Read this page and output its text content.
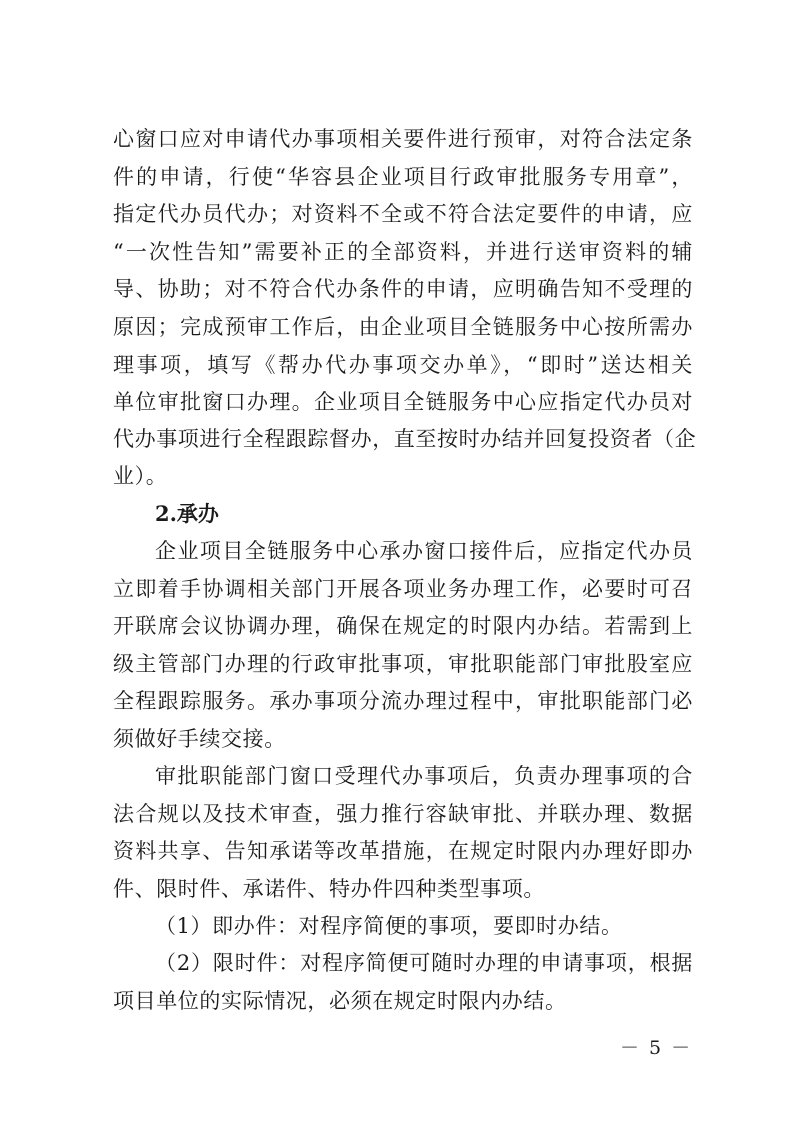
心窗口应对申请代办事项相关要件进行预审，对符合法定条
件的申请，行使“华容县企业项目行政审批服务专用章”，
指定代办员代办；对资料不全或不符合法定要件的申请，应
“一次性告知”需要补正的全部资料，并进行送审资料的辅
导、协助；对不符合代办条件的申请，应明确告知不受理的
原因；完成预审工作后，由企业项目全链服务中心按所需办
理事项，填写《帮办代办事项交办单》，“即时”送达相关
单位审批窗口办理。企业项目全链服务中心应指定代办员对
代办事项进行全程跟踪督办，直至按时办结并回复投资者（企
业）。
2.承办
企业项目全链服务中心承办窗口接件后，应指定代办员
立即着手协调相关部门开展各项业务办理工作，必要时可召
开联席会议协调办理，确保在规定的时限内办结。若需到上
级主管部门办理的行政审批事项，审批职能部门审批股室应
全程跟踪服务。承办事项分流办理过程中，审批职能部门必
须做好手续交接。
审批职能部门窗口受理代办事项后，负责办理事项的合
法合规以及技术审查，强力推行容缺审批、并联办理、数据
资料共享、告知承诺等改革措施，在规定时限内办理好即办
件、限时件、承诺件、特办件四种类型事项。
（1）即办件：对程序简便的事项，要即时办结。
（2）限时件：对程序简便可随时办理的申请事项，根据
项目单位的实际情况，必须在规定时限内办结。
－ 5 －
